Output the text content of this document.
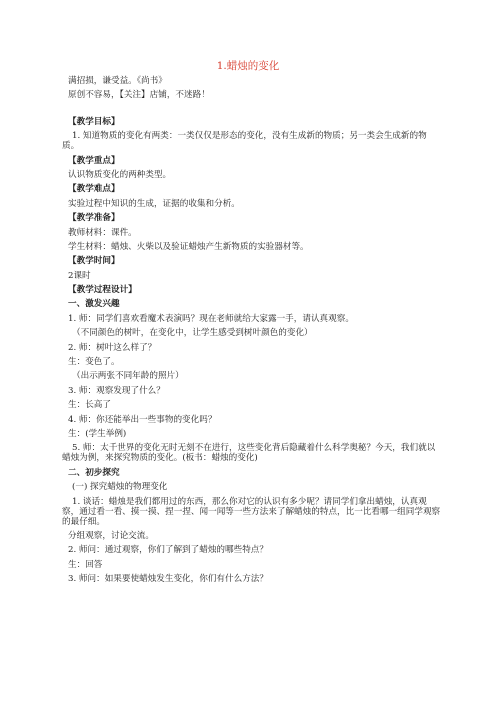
1.蜡烛的变化

满招损，谦受益。《尚书》

原创不容易，【关注】店铺，不迷路！

【教学目标】

1. 知道物质的变化有两类：一类仅仅是形态的变化，没有生成新的物质；另一类会生成新的物质。

【教学重点】

认识物质变化的两种类型。

【教学难点】

实验过程中知识的生成，证据的收集和分析。

【教学准备】

教师材料：课件。

学生材料：蜡烛、火柴以及验证蜡烛产生新物质的实验器材等。

【教学时间】

2课时

【教学过程设计】

一、激发兴趣

1. 师：同学们喜欢看魔术表演吗？现在老师就给大家露一手，请认真观察。

（不同颜色的树叶，在变化中，让学生感受到树叶颜色的变化）

2. 师：树叶这么样了？

生：变色了。

（出示两张不同年龄的照片）

3. 师：观察发现了什么？

生：长高了

4. 师：你还能举出一些事物的变化吗？

生：(学生举例)

5. 师：太千世界的变化无时无刻不在进行，这些变化背后隐藏着什么科学奥秘？今天，我们就以蜡烛为例，来探究物质的变化。(板书：蜡烛的变化)

二、初步探究

(一) 探究蜡烛的物理变化

1. 谈话：蜡烛是我们都用过的东西，那么你对它的认识有多少呢？请同学们拿出蜡烛，认真观察，通过看一看、摸一摸、捏一捏、闻一闻等一些方法来了解蜡烛的特点，比一比看哪一组同学观察的最仔细。

分组观察，讨论交流。

2. 师问：通过观察，你们了解到了蜡烛的哪些特点？

生：回答

3. 师问：如果要使蜡烛发生变化，你们有什么方法？
